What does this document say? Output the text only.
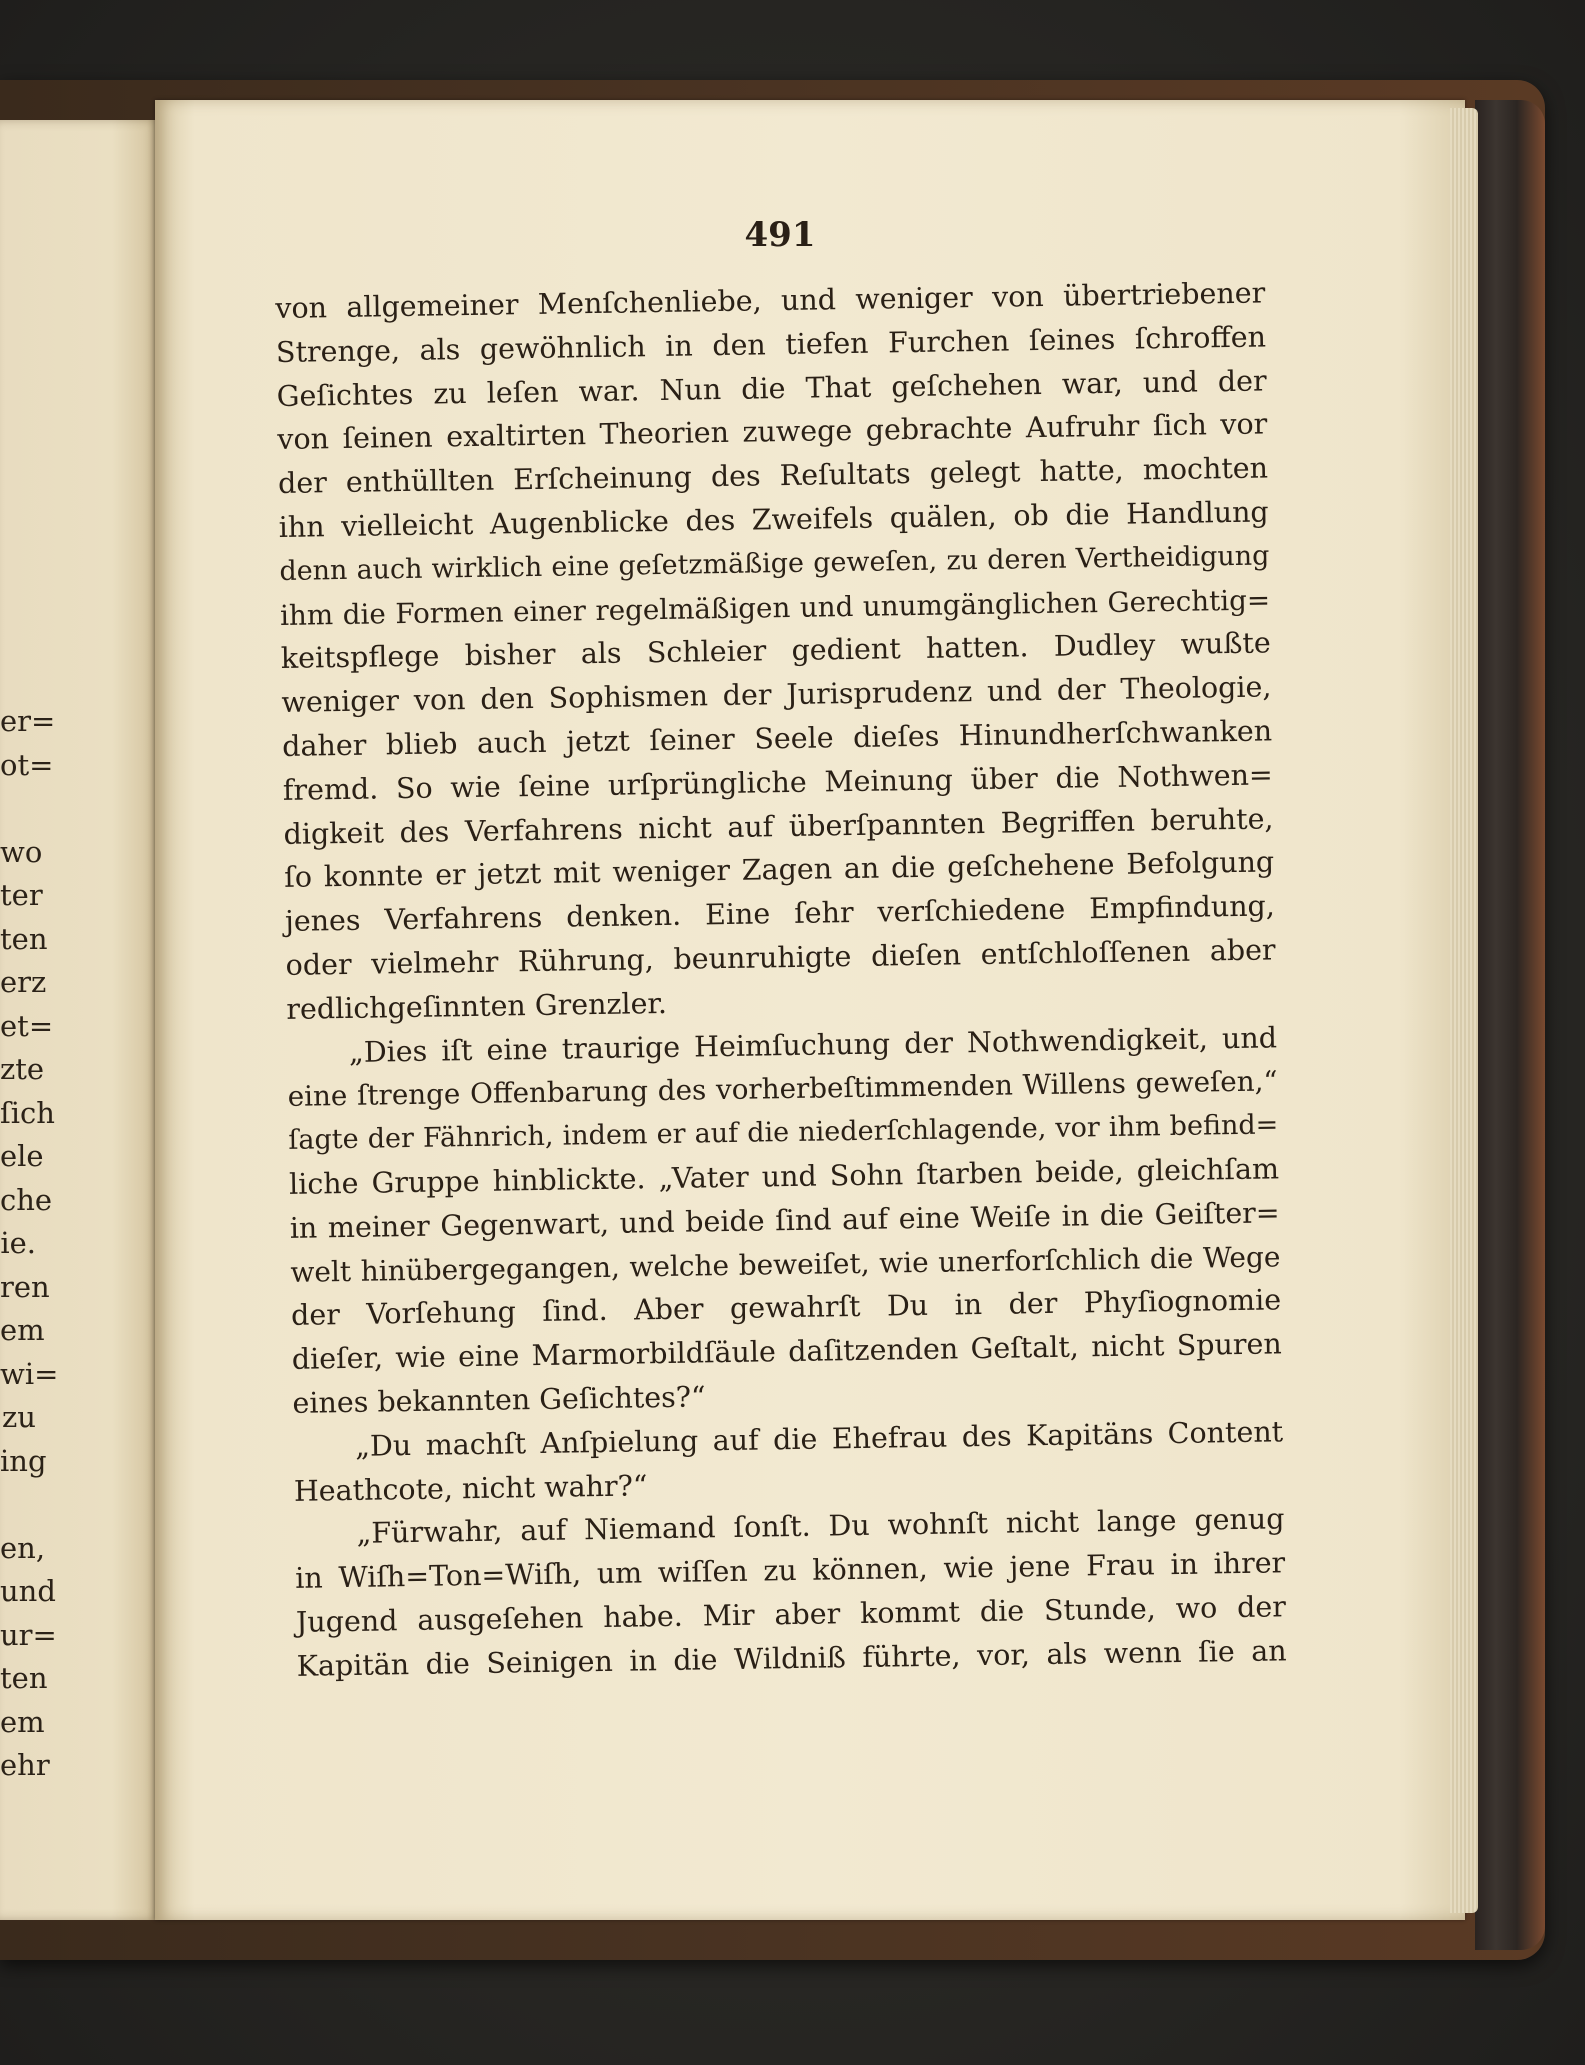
er=
ot=

wo
ter
ten
erz
et=
zte
ſich
ele
che
ie.
ren
em
wi=
zu
ing

en,
und
ur=
ten
em
ehr
491
von allgemeiner Menſchenliebe, und weniger von übertriebener
Strenge, als gewöhnlich in den tiefen Furchen ſeines ſchroffen
Geſichtes zu leſen war. Nun die That geſchehen war, und der
von ſeinen exaltirten Theorien zuwege gebrachte Aufruhr ſich vor
der enthüllten Erſcheinung des Reſultats gelegt hatte, mochten
ihn vielleicht Augenblicke des Zweifels quälen, ob die Handlung
denn auch wirklich eine geſetzmäßige geweſen, zu deren Vertheidigung
ihm die Formen einer regelmäßigen und unumgänglichen Gerechtig=
keitspflege bisher als Schleier gedient hatten. Dudley wußte
weniger von den Sophismen der Jurisprudenz und der Theologie,
daher blieb auch jetzt ſeiner Seele dieſes Hinundherſchwanken
fremd. So wie ſeine urſprüngliche Meinung über die Nothwen=
digkeit des Verfahrens nicht auf überſpannten Begriffen beruhte,
ſo konnte er jetzt mit weniger Zagen an die geſchehene Befolgung
jenes Verfahrens denken. Eine ſehr verſchiedene Empfindung,
oder vielmehr Rührung, beunruhigte dieſen entſchloſſenen aber
redlichgeſinnten Grenzler.
„Dies iſt eine traurige Heimſuchung der Nothwendigkeit, und
eine ſtrenge Offenbarung des vorherbeſtimmenden Willens geweſen,“
ſagte der Fähnrich, indem er auf die niederſchlagende, vor ihm befind=
liche Gruppe hinblickte. „Vater und Sohn ſtarben beide, gleichſam
in meiner Gegenwart, und beide ſind auf eine Weiſe in die Geiſter=
welt hinübergegangen, welche beweiſet, wie unerforſchlich die Wege
der Vorſehung ſind. Aber gewahrſt Du in der Phyſiognomie
dieſer, wie eine Marmorbildſäule daſitzenden Geſtalt, nicht Spuren
eines bekannten Geſichtes?“
„Du machſt Anſpielung auf die Ehefrau des Kapitäns Content
Heathcote, nicht wahr?“
„Fürwahr, auf Niemand ſonſt. Du wohnſt nicht lange genug
in Wiſh=Ton=Wiſh, um wiſſen zu können, wie jene Frau in ihrer
Jugend ausgeſehen habe. Mir aber kommt die Stunde, wo der
Kapitän die Seinigen in die Wildniß führte, vor, als wenn ſie an
